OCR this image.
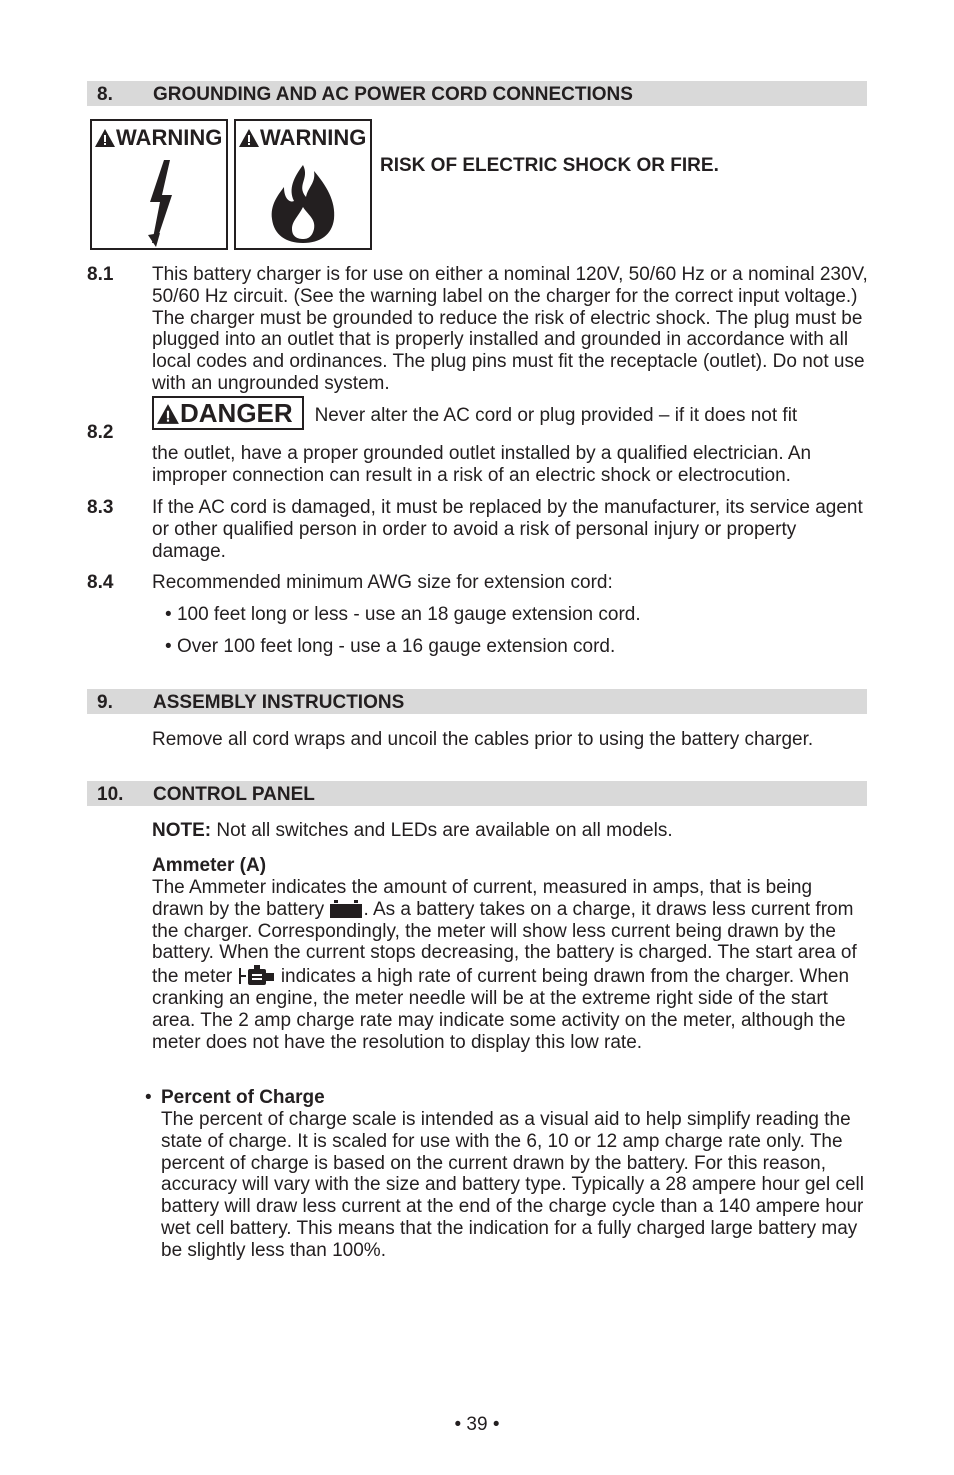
8. GROUNDING AND AC POWER CORD CONNECTIONS
WARNING	WARNING
RISK OF ELECTRIC SHOCK OR FIRE.
8.1 This battery charger is for use on either a nominal 120V, 50/60 Hz or a nominal 230V, 50/60 Hz circuit. (See the warning label on the charger for the correct input voltage.) The charger must be grounded to reduce the risk of electric shock. The plug must be plugged into an outlet that is properly installed and grounded in accordance with all local codes and ordinances. The plug pins must fit the receptacle (outlet). Do not use with an ungrounded system.
8.2
DANGER Never alter the AC cord or plug provided – if it does not fit
the outlet, have a proper grounded outlet installed by a qualified electrician. An improper connection can result in a risk of an electric shock or electrocution.
8.3 If the AC cord is damaged, it must be replaced by the manufacturer, its service agent or other qualified person in order to avoid a risk of personal injury or property damage.
8.4 Recommended minimum AWG size for extension cord:
• 100 feet long or less - use an 18 gauge extension cord.
• Over 100 feet long - use a 16 gauge extension cord.
9. ASSEMBLY INSTRUCTIONS
Remove all cord wraps and uncoil the cables prior to using the battery charger.
10. CONTROL PANEL
NOTE: Not all switches and LEDs are available on all models.
Ammeter (A)
The Ammeter indicates the amount of current, measured in amps, that is being drawn by the battery . As a battery takes on a charge, it draws less current from the charger. Correspondingly, the meter will show less current being drawn by the battery. When the current stops decreasing, the battery is charged. The start area of the meter  indicates a high rate of current being drawn from the charger. When cranking an engine, the meter needle will be at the extreme right side of the start area. The 2 amp charge rate may indicate some activity on the meter, although the meter does not have the resolution to display this low rate.
• Percent of Charge
The percent of charge scale is intended as a visual aid to help simplify reading the state of charge. It is scaled for use with the 6, 10 or 12 amp charge rate only. The percent of charge is based on the current drawn by the battery. For this reason, accuracy will vary with the size and battery type. Typically a 28 ampere hour gel cell battery will draw less current at the end of the charge cycle than a 140 ampere hour wet cell battery. This means that the indication for a fully charged large battery may be slightly less than 100%.
• 39 •
